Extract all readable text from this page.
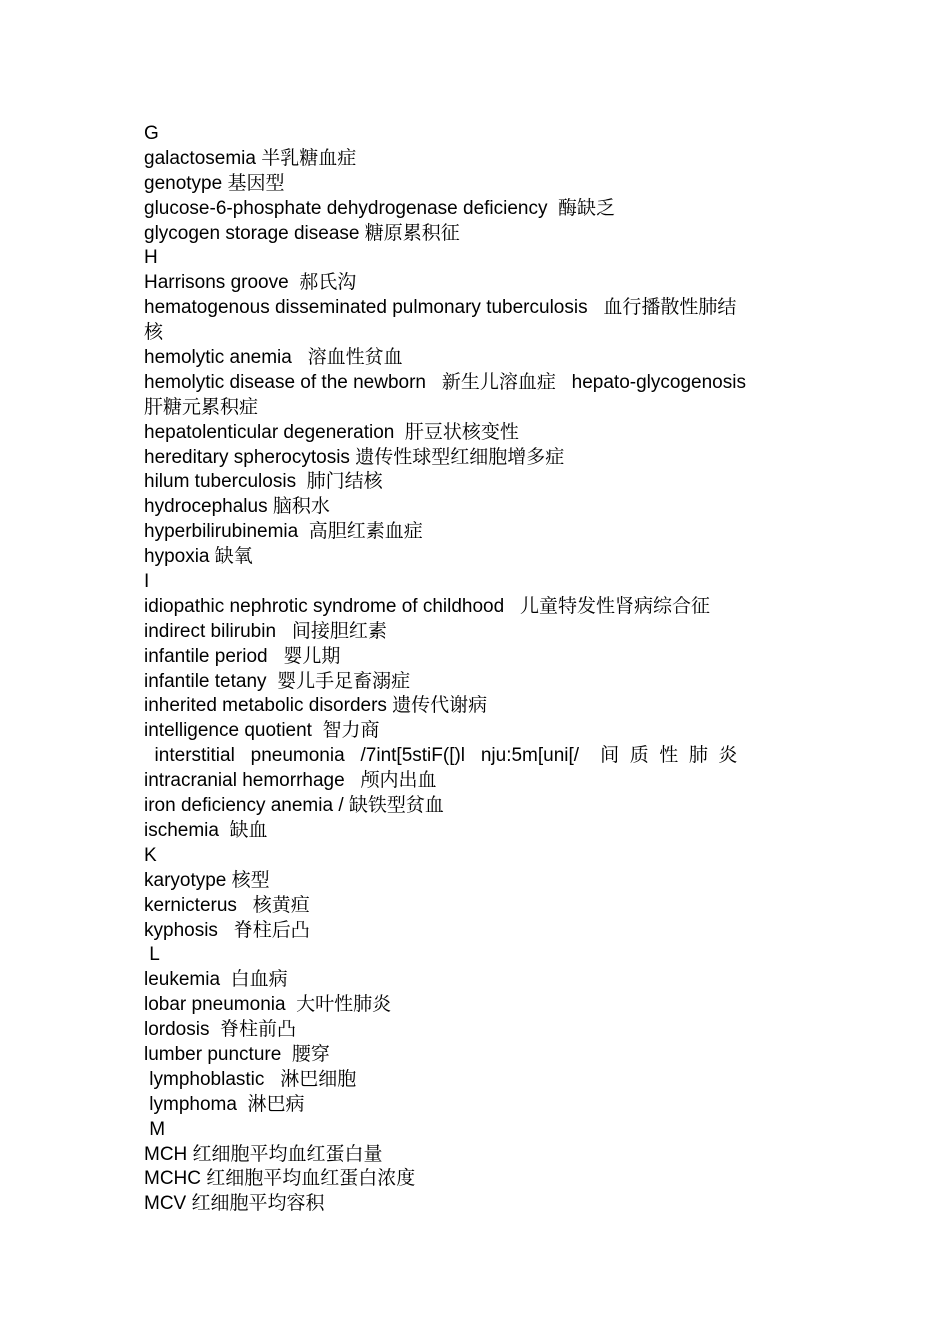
G
galactosemia 半乳糖血症
genotype 基因型
glucose-6-phosphate dehydrogenase deficiency  酶缺乏
glycogen storage disease 糖原累积征
H
Harrisons groove  郝氏沟
hematogenous disseminated pulmonary tuberculosis   血行播散性肺结
核
hemolytic anemia   溶血性贫血
hemolytic disease of the newborn   新生儿溶血症   hepato-glycogenosis
肝糖元累积症
hepatolenticular degeneration  肝豆状核变性
hereditary spherocytosis 遗传性球型红细胞增多症
hilum tuberculosis  肺门结核
hydrocephalus 脑积水
hyperbilirubinemia  高胆红素血症
hypoxia 缺氧
I
idiopathic nephrotic syndrome of childhood   儿童特发性肾病综合征
indirect bilirubin   间接胆红素
infantile period   婴儿期
infantile tetany  婴儿手足畜溺症
inherited metabolic disorders 遗传代谢病
intelligence quotient  智力商
interstitial   pneumonia   /7int[5stiF([)l   nju:5m[uni[/    间  质  性  肺  炎
intracranial hemorrhage   颅内出血
iron deficiency anemia / 缺铁型贫血
ischemia  缺血
K
karyotype 核型
kernicterus   核黄疸
kyphosis   脊柱后凸
L
leukemia  白血病
lobar pneumonia  大叶性肺炎
lordosis  脊柱前凸
lumber puncture  腰穿
lymphoblastic   淋巴细胞
lymphoma  淋巴病
M
MCH 红细胞平均血红蛋白量
MCHC 红细胞平均血红蛋白浓度
MCV 红细胞平均容积
